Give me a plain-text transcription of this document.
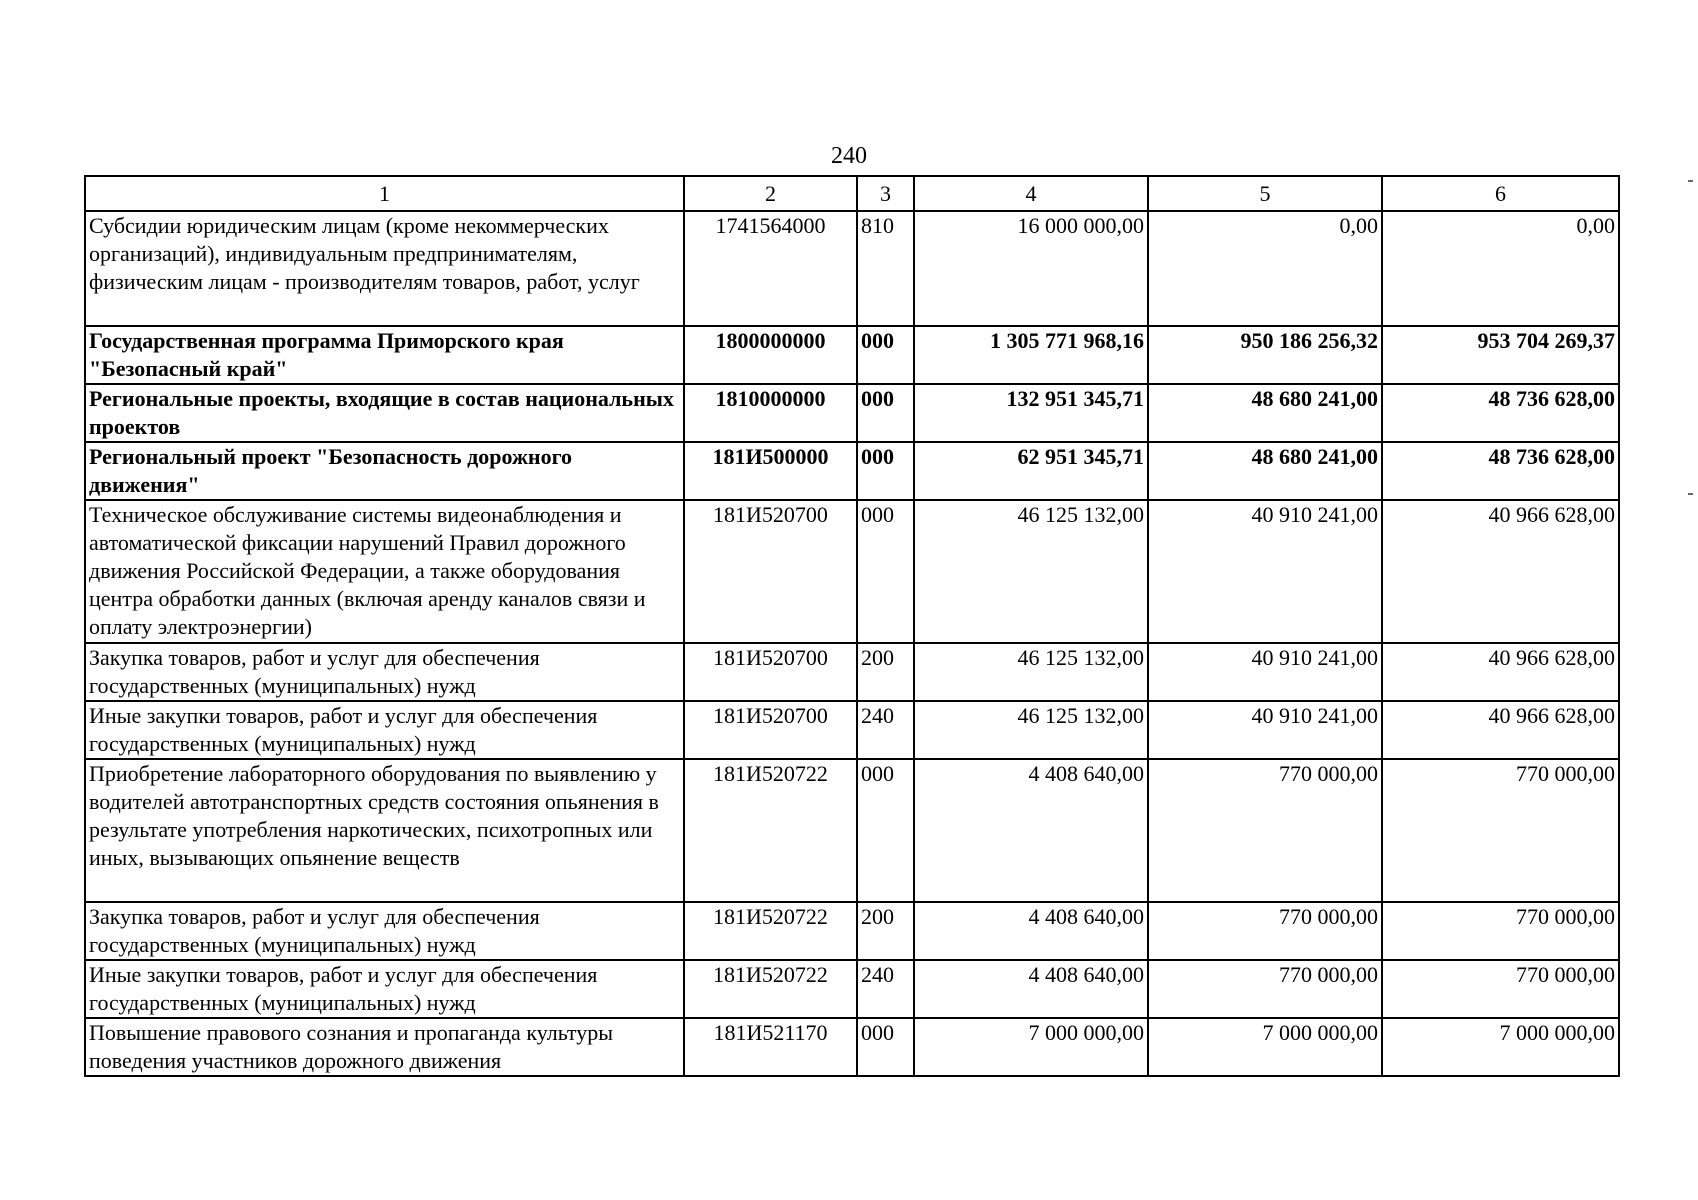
240
1	2	3	4	5	6
Субсидии юридическим лицам (кроме некоммерческих организаций), индивидуальным предпринимателям, физическим лицам - производителям товаров, работ, услуг	1741564000	810	16 000 000,00	0,00	0,00
Государственная программа Приморского края "Безопасный край"	1800000000	000	1 305 771 968,16	950 186 256,32	953 704 269,37
Региональные проекты, входящие в состав национальных проектов	1810000000	000	132 951 345,71	48 680 241,00	48 736 628,00
Региональный проект "Безопасность дорожного движения"	181И500000	000	62 951 345,71	48 680 241,00	48 736 628,00
Техническое обслуживание системы видеонаблюдения и автоматической фиксации нарушений Правил дорожного движения Российской Федерации, а также оборудования центра обработки данных (включая аренду каналов связи и оплату электроэнергии)	181И520700	000	46 125 132,00	40 910 241,00	40 966 628,00
Закупка товаров, работ и услуг для обеспечения государственных (муниципальных) нужд	181И520700	200	46 125 132,00	40 910 241,00	40 966 628,00
Иные закупки товаров, работ и услуг для обеспечения государственных (муниципальных) нужд	181И520700	240	46 125 132,00	40 910 241,00	40 966 628,00
Приобретение лабораторного оборудования по выявлению у водителей автотранспортных средств состояния опьянения в результате употребления наркотических, психотропных или иных, вызывающих опьянение веществ	181И520722	000	4 408 640,00	770 000,00	770 000,00
Закупка товаров, работ и услуг для обеспечения государственных (муниципальных) нужд	181И520722	200	4 408 640,00	770 000,00	770 000,00
Иные закупки товаров, работ и услуг для обеспечения государственных (муниципальных) нужд	181И520722	240	4 408 640,00	770 000,00	770 000,00
Повышение правового сознания и пропаганда культуры поведения участников дорожного движения	181И521170	000	7 000 000,00	7 000 000,00	7 000 000,00
